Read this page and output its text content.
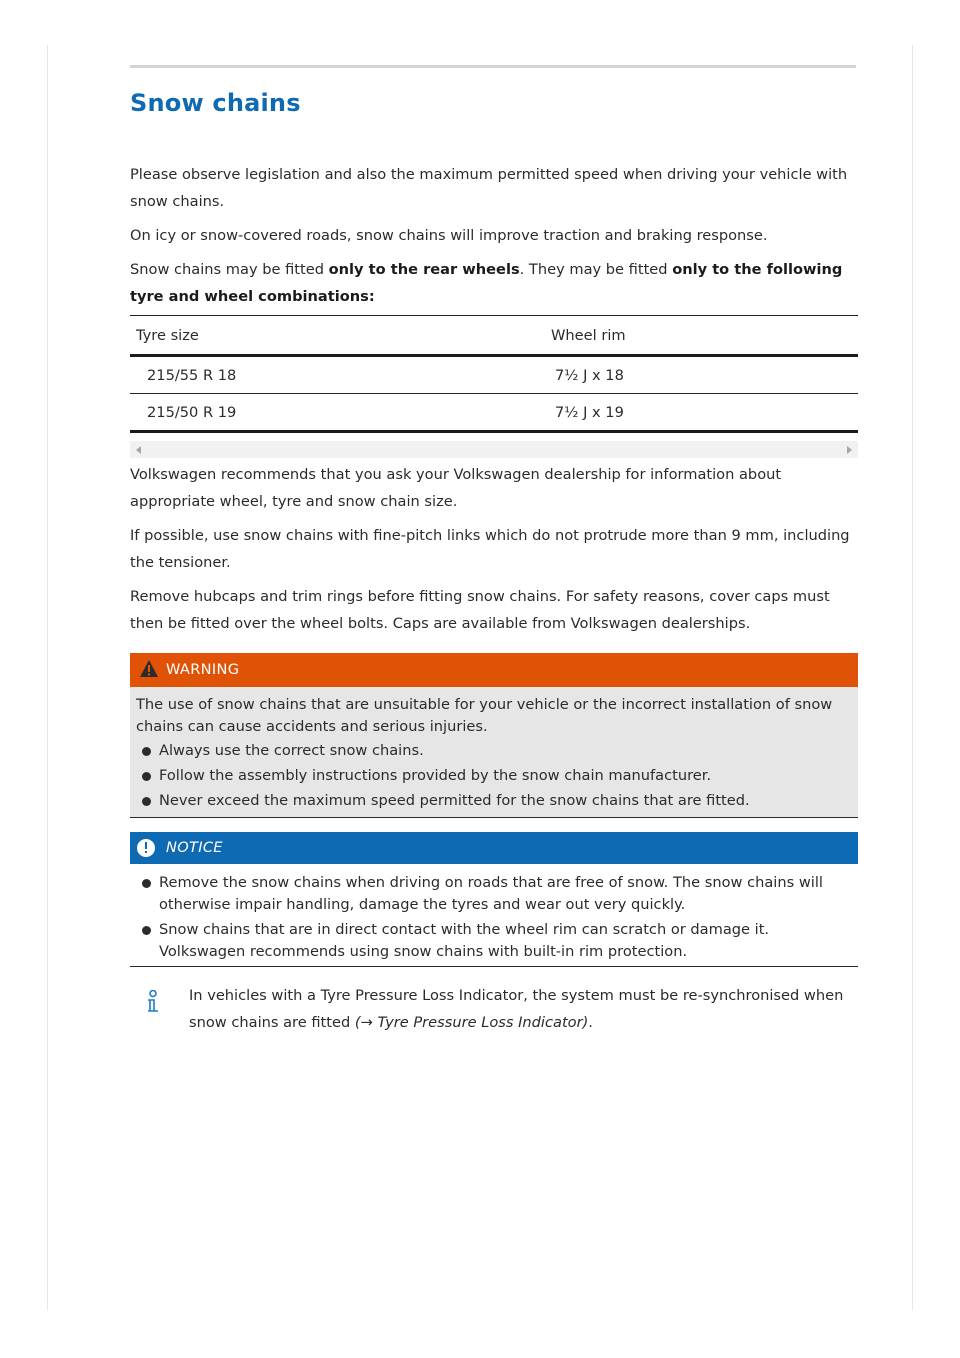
Snow chains

Please observe legislation and also the maximum permitted speed when driving your vehicle with snow chains.

On icy or snow-covered roads, snow chains will improve traction and braking response.

Snow chains may be fitted only to the rear wheels. They may be fitted only to the following tyre and wheel combinations:

Tyre size	Wheel rim
215/55 R 18	7½ J x 18
215/50 R 19	7½ J x 19

Volkswagen recommends that you ask your Volkswagen dealership for information about appropriate wheel, tyre and snow chain size.

If possible, use snow chains with fine-pitch links which do not protrude more than 9 mm, including the tensioner.

Remove hubcaps and trim rings before fitting snow chains. For safety reasons, cover caps must then be fitted over the wheel bolts. Caps are available from Volkswagen dealerships.

WARNING

The use of snow chains that are unsuitable for your vehicle or the incorrect installation of snow chains can cause accidents and serious injuries.

Always use the correct snow chains.
Follow the assembly instructions provided by the snow chain manufacturer.
Never exceed the maximum speed permitted for the snow chains that are fitted.
NOTICE
Remove the snow chains when driving on roads that are free of snow. The snow chains will otherwise impair handling, damage the tyres and wear out very quickly.
Snow chains that are in direct contact with the wheel rim can scratch or damage it. Volkswagen recommends using snow chains with built-in rim protection.

In vehicles with a Tyre Pressure Loss Indicator, the system must be re-synchronised when snow chains are fitted (→ Tyre Pressure Loss Indicator).
